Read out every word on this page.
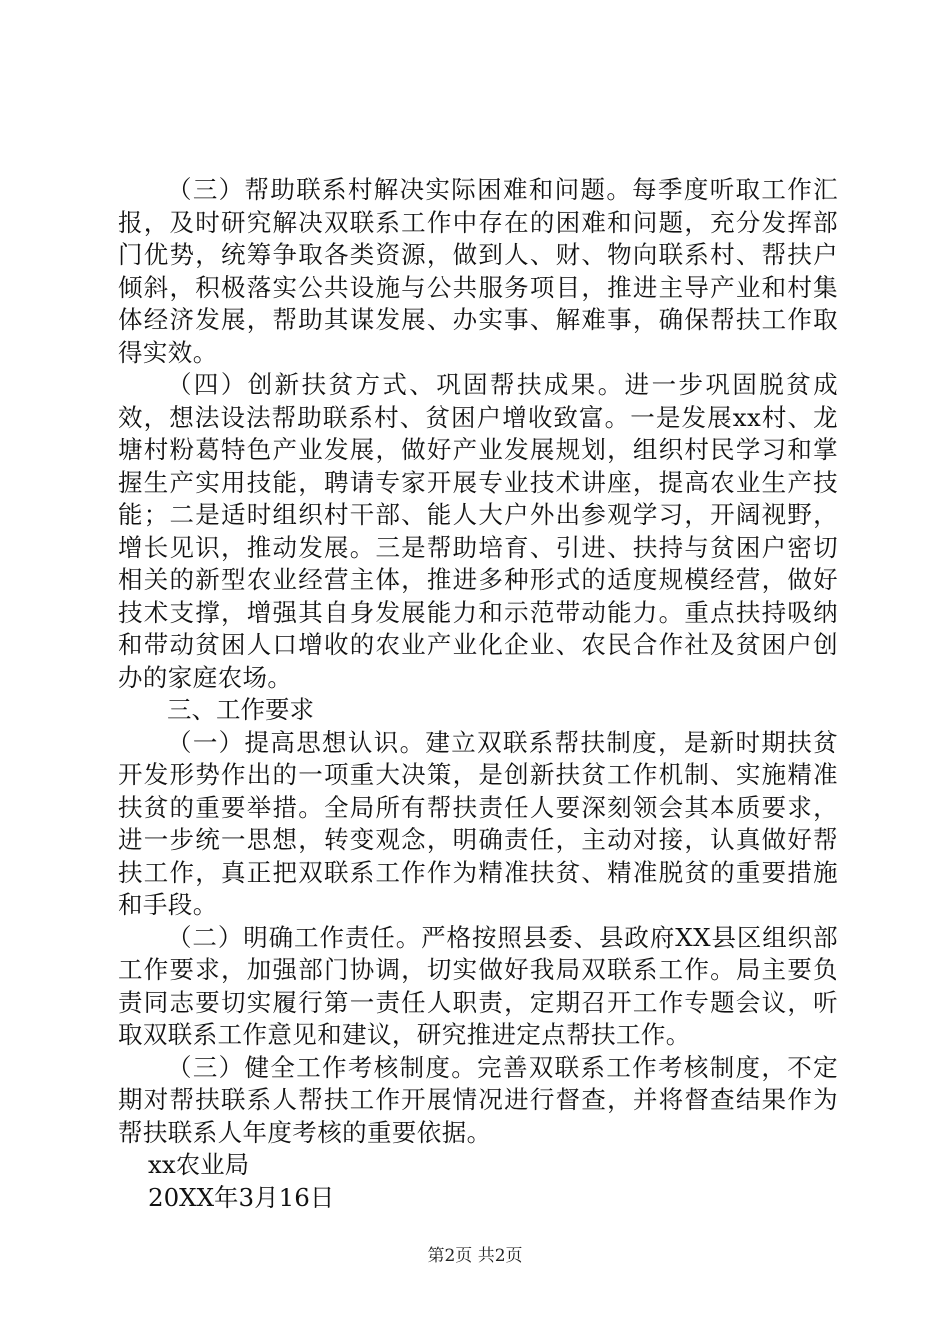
（三）帮助联系村解决实际困难和问题。每季度听取工作汇报，及时研究解决双联系工作中存在的困难和问题，充分发挥部门优势，统筹争取各类资源，做到人、财、物向联系村、帮扶户倾斜，积极落实公共设施与公共服务项目，推进主导产业和村集体经济发展，帮助其谋发展、办实事、解难事，确保帮扶工作取得实效。

（四）创新扶贫方式、巩固帮扶成果。进一步巩固脱贫成效，想法设法帮助联系村、贫困户增收致富。一是发展xx村、龙塘村粉葛特色产业发展，做好产业发展规划，组织村民学习和掌握生产实用技能，聘请专家开展专业技术讲座，提高农业生产技能；二是适时组织村干部、能人大户外出参观学习，开阔视野，增长见识，推动发展。三是帮助培育、引进、扶持与贫困户密切相关的新型农业经营主体，推进多种形式的适度规模经营，做好技术支撑，增强其自身发展能力和示范带动能力。重点扶持吸纳和带动贫困人口增收的农业产业化企业、农民合作社及贫困户创办的家庭农场。

三、工作要求

（一）提高思想认识。建立双联系帮扶制度，是新时期扶贫开发形势作出的一项重大决策，是创新扶贫工作机制、实施精准扶贫的重要举措。全局所有帮扶责任人要深刻领会其本质要求，进一步统一思想，转变观念，明确责任，主动对接，认真做好帮扶工作，真正把双联系工作作为精准扶贫、精准脱贫的重要措施和手段。

（二）明确工作责任。严格按照县委、县政府XX县区组织部工作要求，加强部门协调，切实做好我局双联系工作。局主要负责同志要切实履行第一责任人职责，定期召开工作专题会议，听取双联系工作意见和建议，研究推进定点帮扶工作。

（三）健全工作考核制度。完善双联系工作考核制度，不定期对帮扶联系人帮扶工作开展情况进行督查，并将督查结果作为帮扶联系人年度考核的重要依据。

xx农业局

20XX年3月16日

第2页 共2页
